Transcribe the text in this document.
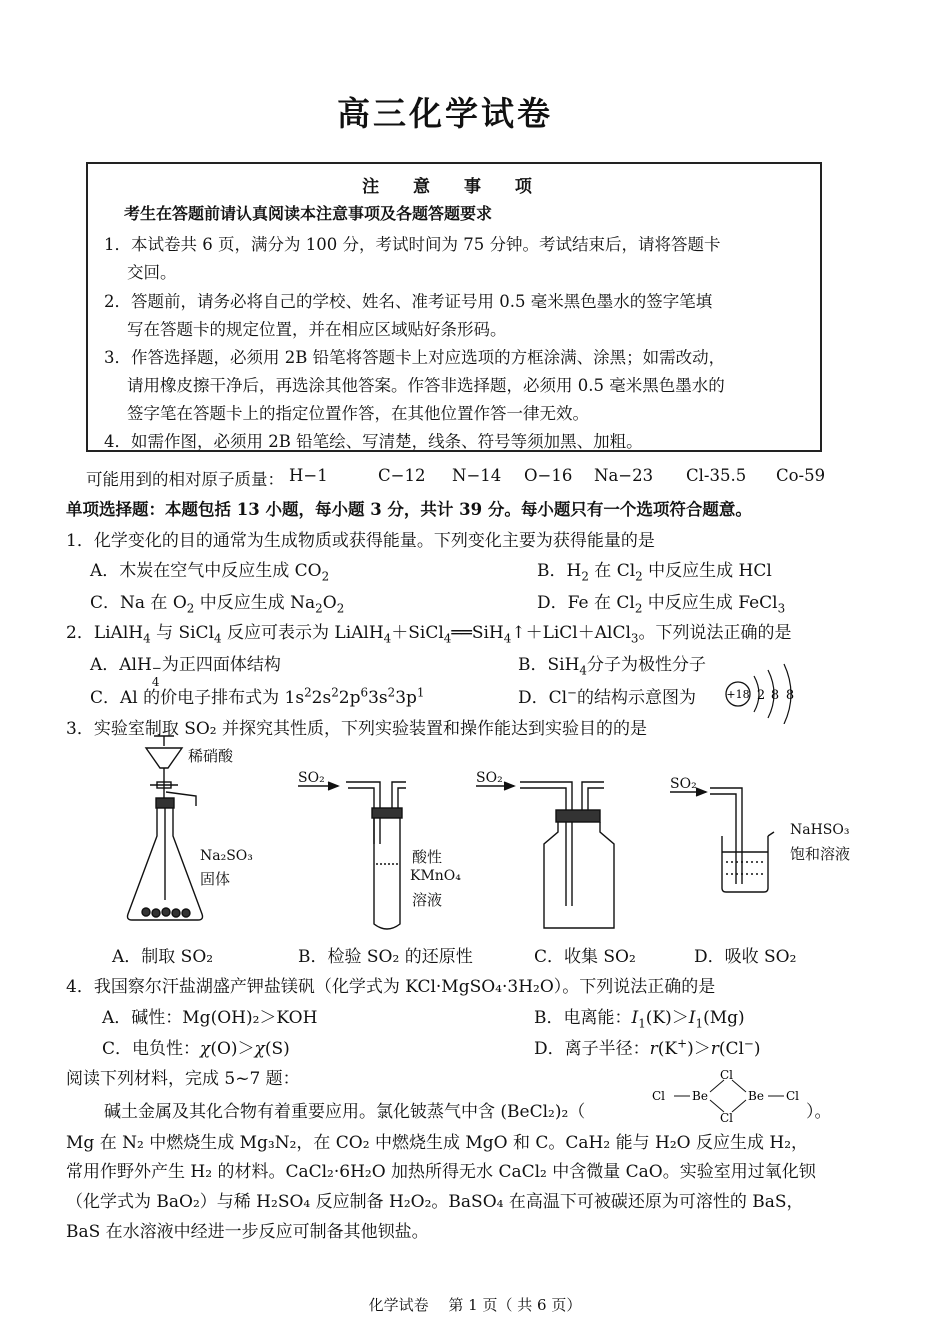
高三化学试卷
注 意 事 项
考生在答题前请认真阅读本注意事项及各题答题要求
1．本试卷共 6 页，满分为 100 分，考试时间为 75 分钟。考试结束后，请将答题卡
交回。
2．答题前，请务必将自己的学校、姓名、准考证号用 0.5 毫米黑色墨水的签字笔填
写在答题卡的规定位置，并在相应区域贴好条形码。
3．作答选择题，必须用 2B 铅笔将答题卡上对应选项的方框涂满、涂黑；如需改动，
请用橡皮擦干净后，再选涂其他答案。作答非选择题，必须用 0.5 毫米黑色墨水的
签字笔在答题卡上的指定位置作答，在其他位置作答一律无效。
4．如需作图，必须用 2B 铅笔绘、写清楚，线条、符号等须加黑、加粗。
可能用到的相对原子质量： H−1	C−12 N−14 O−16 Na−23 Cl-35.5 Co-59
单项选择题：本题包括 13 小题，每小题 3 分，共计 39 分。每小题只有一个选项符合题意。
1．化学变化的目的通常为生成物质或获得能量。下列变化主要为获得能量的是
A．木炭在空气中反应生成 $CO_2$	B．$H_2$ 在 $Cl_2$ 中反应生成 HCl
C．Na 在 $O_2$ 中反应生成 $Na_2O_2$	D．Fe 在 $Cl_2$ 中反应生成 FeCl$_3$
2．LiAlH$_4$ 与 SiCl$_4$ 反应可表示为 LiAlH$_4$＋SiCl$_4$══SiH$_4$↑＋LiCl＋AlCl$_3$。下列说法正确的是
A．AlH −
4
为正四面体结构	B．SiH$_4$分子为极性分子
C．Al 的价电子排布式为 $1s^22s^22p^63s^23p^1$	D．Cl−的结构示意图为	+18 2 8 8
3．实验室制取 SO₂ 并探究其性质，下列实验装置和操作能达到实验目的的是
稀硝酸
Na₂SO₃
固体
SO₂
酸性
KMnO₄
溶液
SO₂	SO₂
NaHSO₃
饱和溶液
A．制取 SO₂	B．检验 SO₂ 的还原性	C．收集 SO₂	D．吸收 SO₂
4．我国察尔汗盐湖盛产钾盐镁矾（化学式为 KCl·MgSO₄·3H₂O）。下列说法正确的是
A．碱性：Mg(OH)₂＞KOH	B．电离能：$I_1(K)>I_1(Mg)$
C．电负性：χ(O)＞χ(S)	D．离子半径：r(K+)＞r(Cl−)
阅读下列材料，完成 5~7 题：
碱土金属及其化合物有着重要应用。氯化铍蒸气中含 (BeCl₂)₂（
Cl Be
Cl
Cl
Be Cl
）。
Mg 在 N₂ 中燃烧生成 Mg₃N₂，在 CO₂ 中燃烧生成 MgO 和 C。CaH₂ 能与 H₂O 反应生成 H₂，
常用作野外产生 H₂ 的材料。CaCl₂·6H₂O 加热所得无水 CaCl₂ 中含微量 CaO。实验室用过氧化钡
（化学式为 BaO₂）与稀 H₂SO₄ 反应制备 H₂O₂。BaSO₄ 在高温下可被碳还原为可溶性的 BaS，
BaS 在水溶液中经进一步反应可制备其他钡盐。
化学试卷　 第 1 页（ 共 6 页）
